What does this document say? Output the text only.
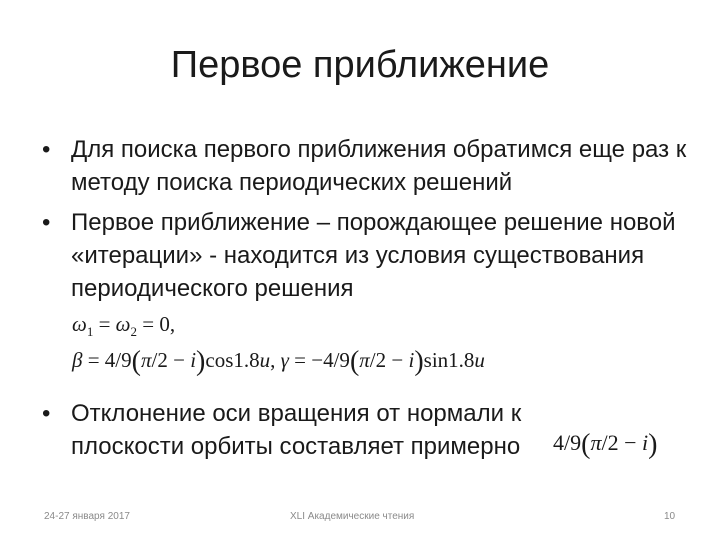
Первое приближение
• Для поиска первого приближения обратимся еще раз к методу поиска периодических решений
• Первое приближение – порождающее решение новой «итерации» - находится из условия существования периодического решения
$\omega_1 = \omega_2 = 0$,
β = 4/9(π/2 − i)cos1.8u, γ = −4/9(π/2 − i)sin1.8u
• Отклонение оси вращения от нормали к плоскости орбиты составляет примерно	4/9(π/2 − i)
24-27 января 2017	XLI Академические чтения	10
